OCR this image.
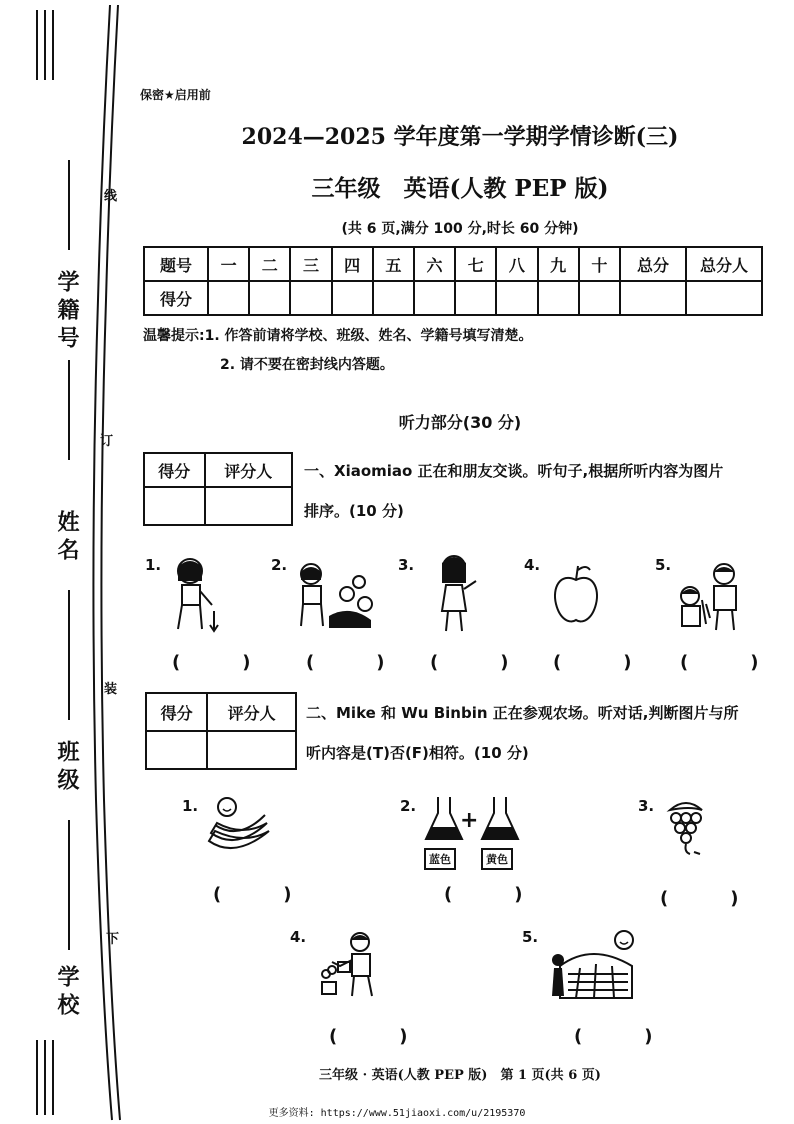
学籍号
姓名
班级
学校
线
订
装
下
保密★启用前
2024—2025 学年度第一学期学情诊断(三)
三年级　英语(人教 PEP 版)
(共 6 页,满分 100 分,时长 60 分钟)
题号	一	二	三	四	五	六	七	八	九	十	总分	总分人
得分												
温馨提示:1. 作答前请将学校、班级、姓名、学籍号填写清楚。
2. 请不要在密封线内答题。
听力部分(30 分)
得分	评分人
	一、Xiaomiao 正在和朋友交谈。听句子,根据所听内容为图片
排序。(10 分)
1.	2.	3.	4.	5.
(　) (　) (　) (　) (　)
得分	评分人
	二、Mike 和 Wu Binbin 正在参观农场。听对话,判断图片与所
听内容是(T)否(F)相符。(10 分)
1.	2.
+
蓝色	黄色
3.
(　)	(　)	(　)
4.	5.
(　)	(　)
三年级 · 英语(人教 PEP 版)　第 1 页(共 6 页)
更多资料: https://www.51jiaoxi.com/u/2195370
